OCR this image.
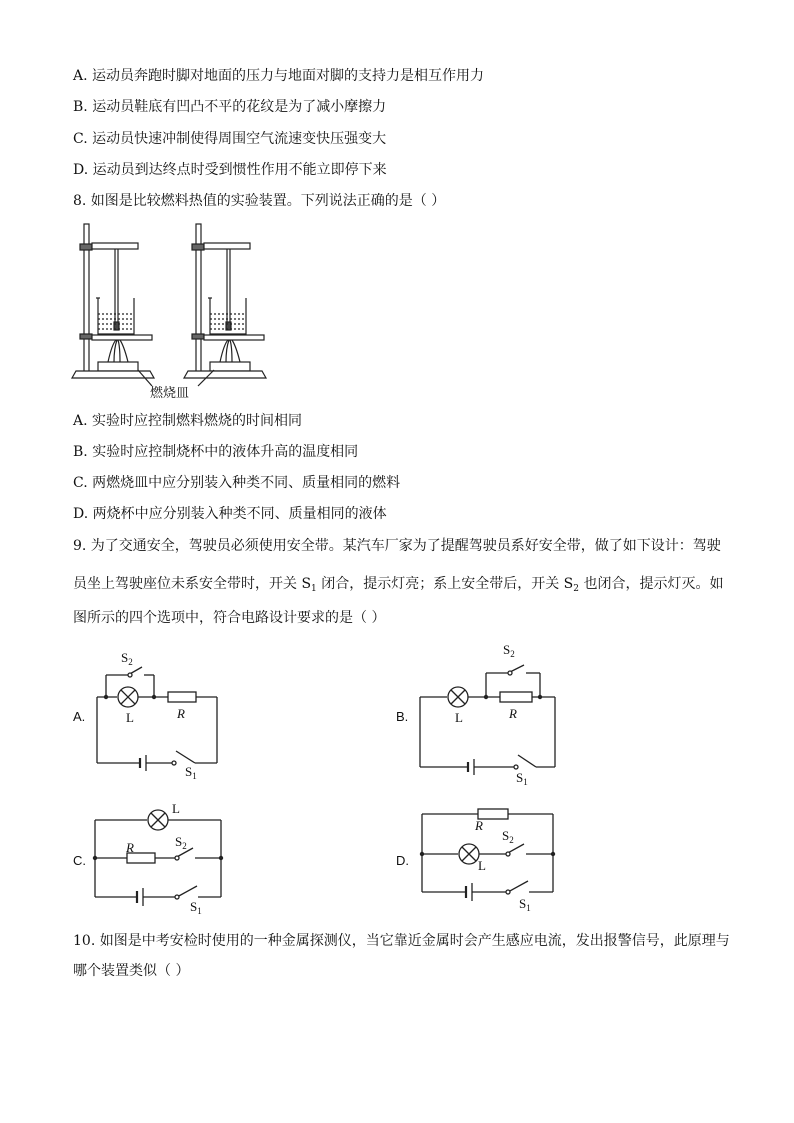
A. 运动员奔跑时脚对地面的压力与地面对脚的支持力是相互作用力
B. 运动员鞋底有凹凸不平的花纹是为了减小摩擦力
C. 运动员快速冲制使得周围空气流速变快压强变大
D. 运动员到达终点时受到惯性作用不能立即停下来
8. 如图是比较燃料热值的实验装置。下列说法正确的是（ ）
燃烧皿
A. 实验时应控制燃料燃烧的时间相同
B. 实验时应控制烧杯中的液体升高的温度相同
C. 两燃烧皿中应分别装入种类不同、质量相同的燃料
D. 两烧杯中应分别装入种类不同、质量相同的液体
9. 为了交通安全，驾驶员必须使用安全带。某汽车厂家为了提醒驾驶员系好安全带，做了如下设计：驾驶
员坐上驾驶座位未系安全带时，开关 $S_1$ 闭合，提示灯亮；系上安全带后，开关 $S_2$ 也闭合，提示灯灭。如
图所示的四个选项中，符合电路设计要求的是（ ）
A.
$S_2$
L	R
$S_1$
B.
$S_2$
L	R
$S_1$
C.
L
R	$S_2$
$S_1$
D.
R
$S_2$
L
$S_1$
10. 如图是中考安检时使用的一种金属探测仪，当它靠近金属时会产生感应电流，发出报警信号，此原理与
哪个装置类似（ ）
